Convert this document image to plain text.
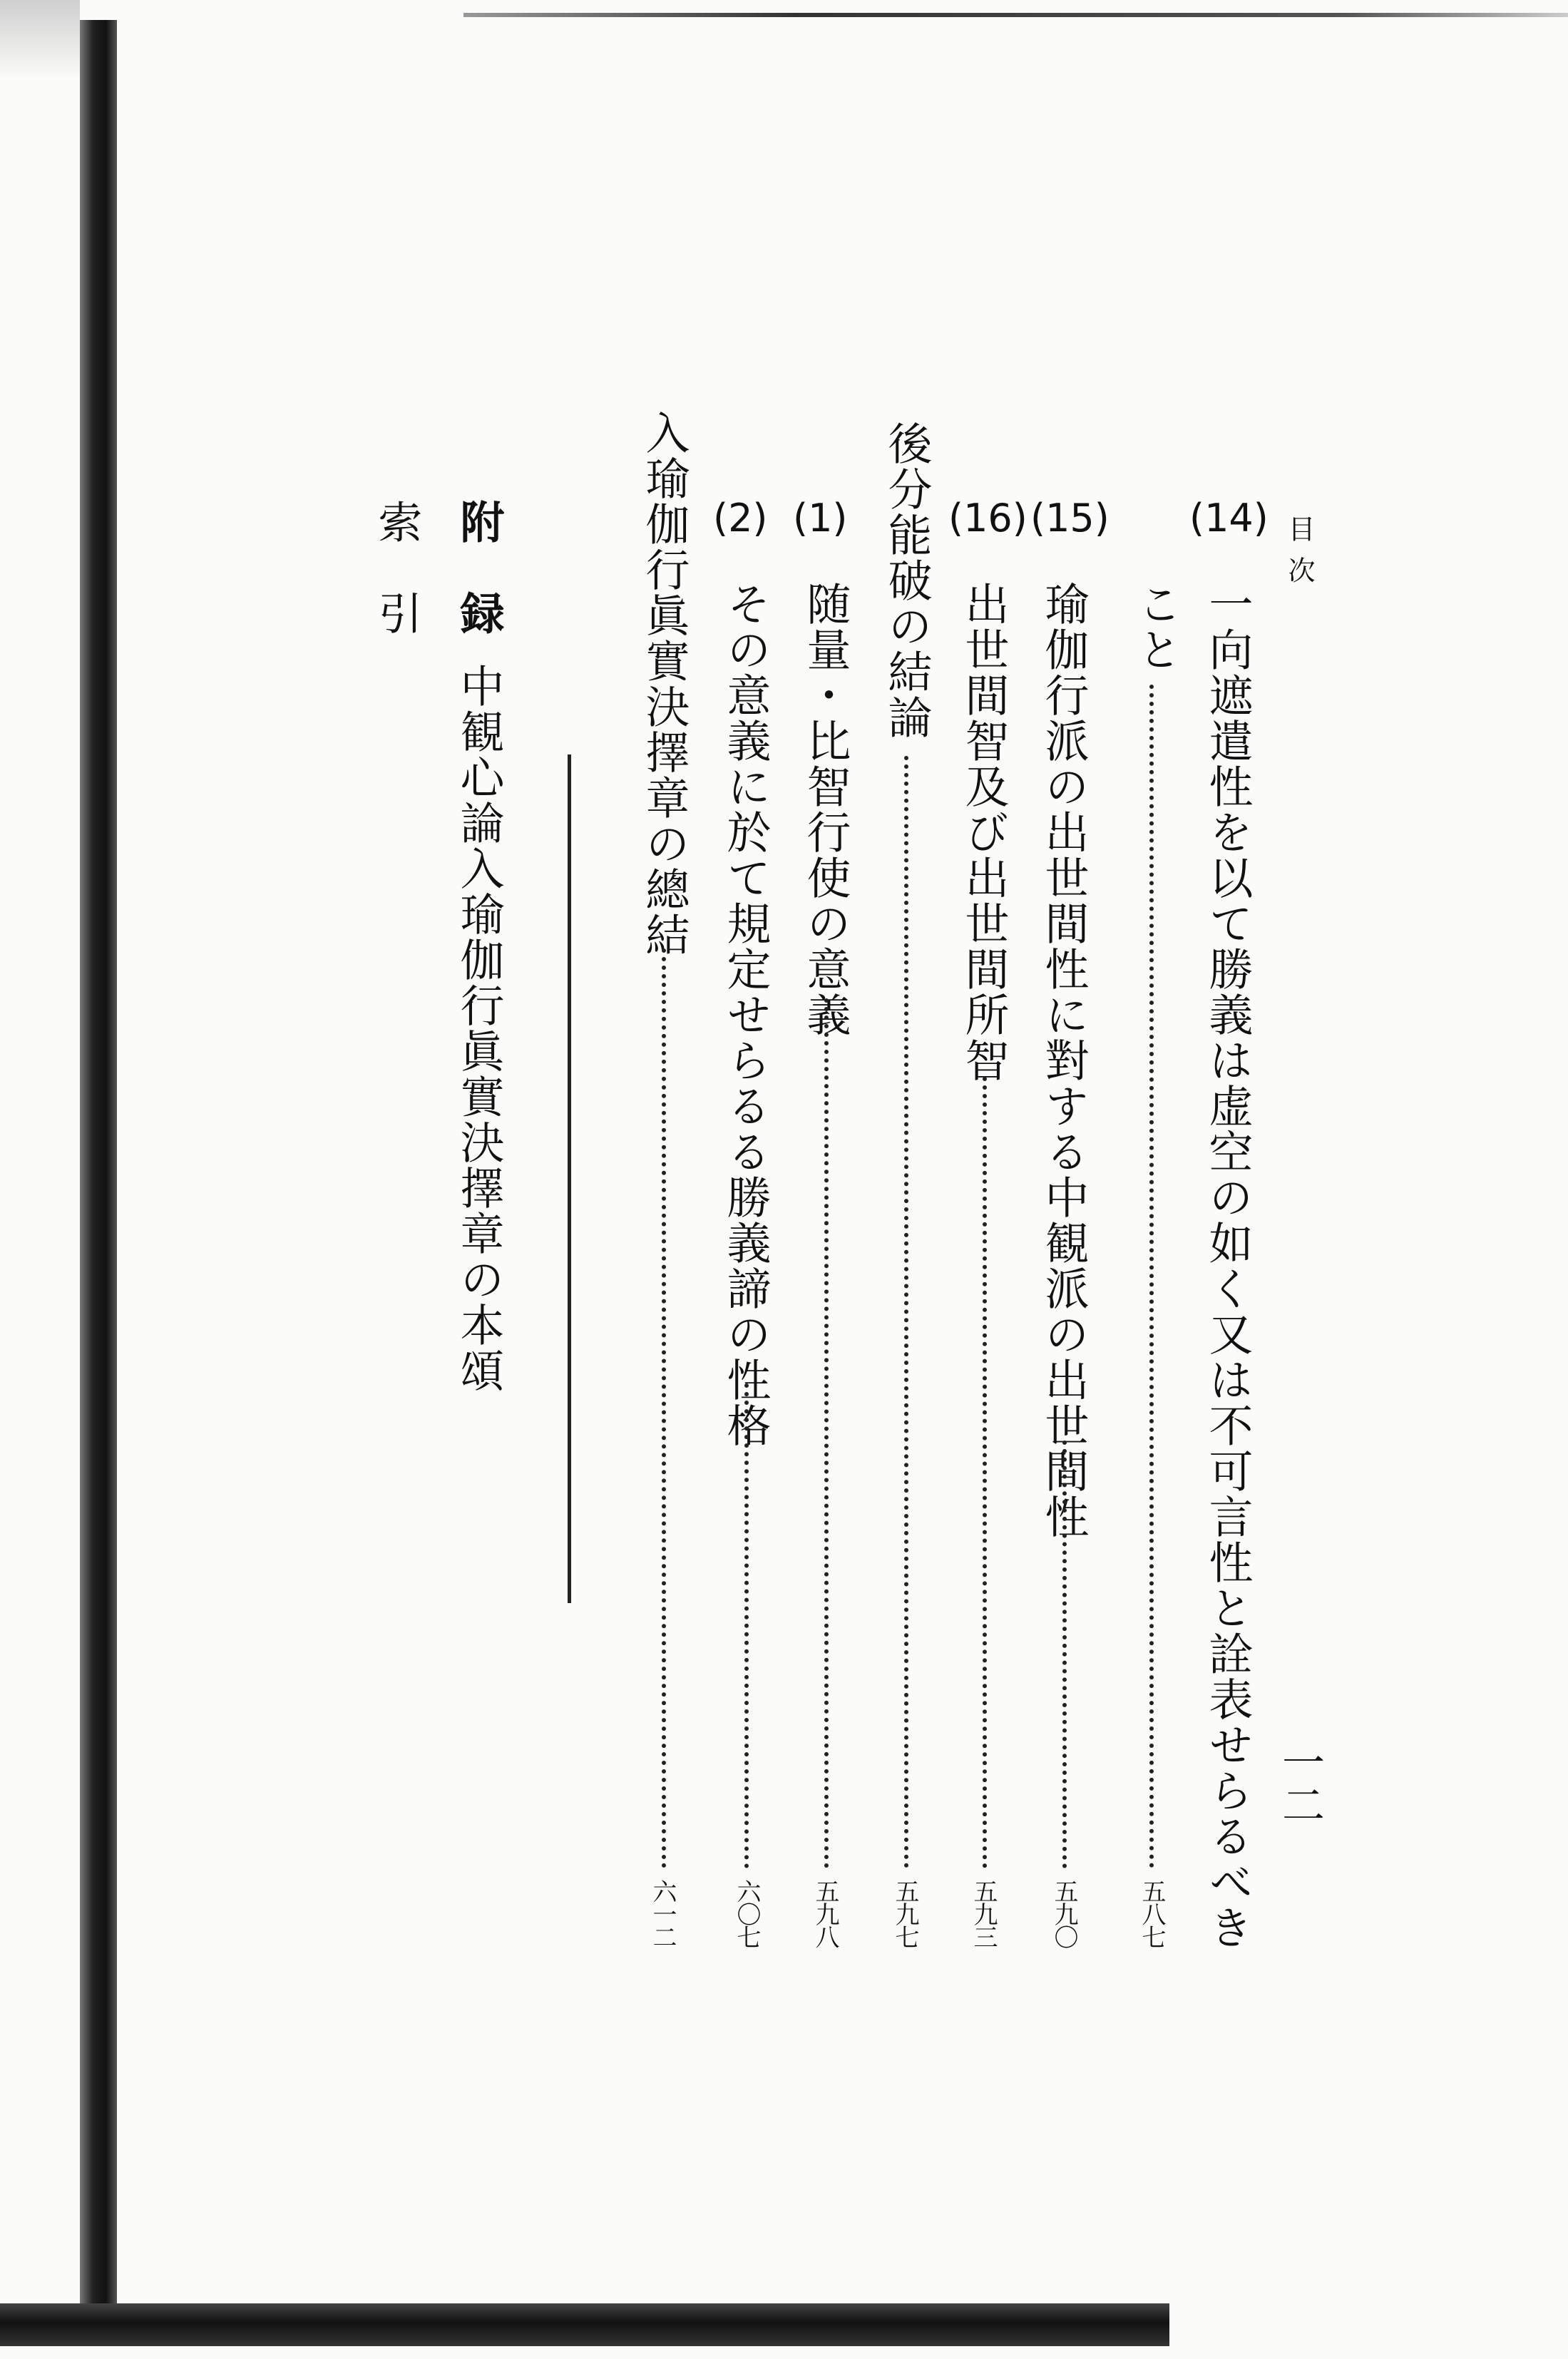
目次
一二
(14)

一向遮遣性を以て勝義は虚空の如く又は不可言性と詮表せらるべき

こと

五八七
(15)

瑜伽行派の出世間性に對する中観派の出世間性

五九〇
(16)

出世間智及び出世間所智

五九三

後分能破の結論

五九七
(1)

随量・比智行使の意義

五九八
(2)

その意義に於て規定せらるる勝義諦の性格

六〇七

入瑜伽行眞實決擇章の總結

六一二

附　録

中観心論入瑜伽行眞實決擇章の本頌

索　引
